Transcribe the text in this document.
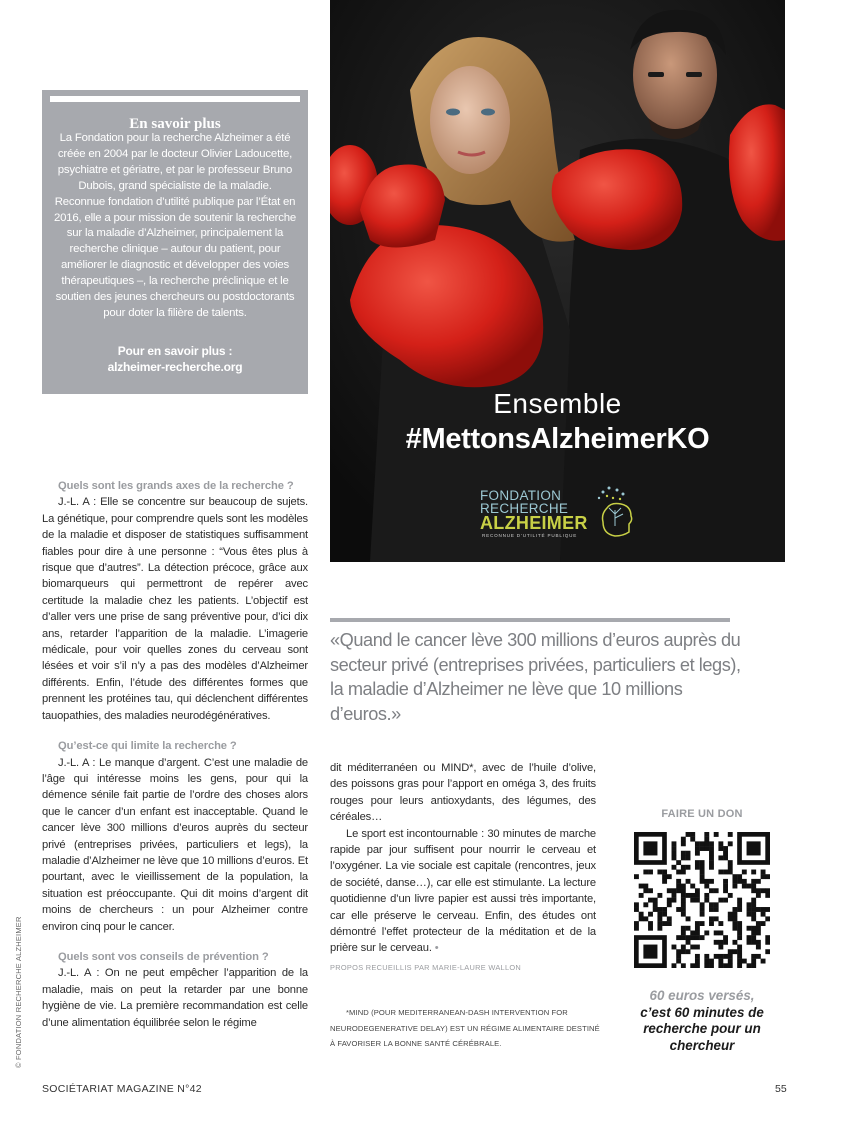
En savoir plus

La Fondation pour la recherche Alzheimer a été créée en 2004 par le docteur Olivier Ladoucette, psychiatre et gériatre, et par le professeur Bruno Dubois, grand spécialiste de la maladie. Reconnue fondation d’utilité publique par l’État en 2016, elle a pour mission de soutenir la recherche sur la maladie d’Alzheimer, principalement la recherche clinique – autour du patient, pour améliorer le diagnostic et développer des voies thérapeutiques –, la recherche préclinique et le soutien des jeunes chercheurs ou postdoctorants pour doter la filière de talents.

Pour en savoir plus :
alzheimer-recherche.org
Ensemble
#MettonsAlzheimerKO
FONDATION
RECHERCHE
ALZHEIMER
RECONNUE D’UTILITÉ PUBLIQUE

Quels sont les grands axes de la recherche ?

J.-L. A : Elle se concentre sur beaucoup de sujets. La génétique, pour comprendre quels sont les modèles de la maladie et disposer de statistiques suffisamment fiables pour dire à une personne : “Vous êtes plus à risque que d’autres”. La détection précoce, grâce aux biomarqueurs qui permettront de repérer avec certitude la maladie chez les patients. L’objectif est d’aller vers une prise de sang préventive pour, d’ici dix ans, retarder l’apparition de la maladie. L’imagerie médicale, pour voir quelles zones du cerveau sont lésées et voir s’il n’y a pas des modèles d’Alzheimer différents. Enfin, l’étude des différentes formes que prennent les protéines tau, qui déclenchent différentes tauopathies, des maladies neurodégénératives.

Qu’est-ce qui limite la recherche ?

J.-L. A : Le manque d’argent. C’est une maladie de l’âge qui intéresse moins les gens, pour qui la démence sénile fait partie de l’ordre des choses alors que le cancer d’un enfant est inacceptable. Quand le cancer lève 300 millions d’euros auprès du secteur privé (entreprises privées, particuliers et legs), la maladie d’Alzheimer ne lève que 10 millions d’euros. Et pourtant, avec le vieillissement de la population, la situation est préoccupante. Qui dit moins d’argent dit moins de chercheurs : un pour Alzheimer contre environ cinq pour le cancer.

Quels sont vos conseils de prévention ?

J.-L. A : On ne peut empêcher l’apparition de la maladie, mais on peut la retarder par une bonne hygiène de vie. La première recommandation est celle d’une alimentation équilibrée selon le régime

«Quand le cancer lève 300 millions d’euros auprès du secteur privé (entreprises privées, particuliers et legs), la maladie d’Alzheimer ne lève que 10 millions d’euros.»

dit méditerranéen ou MIND*, avec de l’huile d’olive, des poissons gras pour l’apport en oméga 3, des fruits rouges pour leurs antioxydants, des légumes, des céréales…

Le sport est incontournable : 30 minutes de marche rapide par jour suffisent pour nourrir le cerveau et l’oxygéner. La vie sociale est capitale (rencontres, jeux de société, danse…), car elle est stimulante. La lecture quotidienne d’un livre papier est aussi très importante, car elle préserve le cerveau. Enfin, des études ont démontré l’effet protecteur de la méditation et de la prière sur le cerveau. •

PROPOS RECUEILLIS PAR MARIE-LAURE WALLON

*MIND (POUR MEDITERRANEAN-DASH INTERVENTION FOR NEURODEGENERATIVE DELAY) EST UN RÉGIME ALIMENTAIRE DESTINÉ À FAVORISER LA BONNE SANTÉ CÉRÉBRALE.

FAIRE UN DON
60 euros versés,
c’est 60 minutes de recherche pour un chercheur
© FONDATION RECHERCHE ALZHEIMER
SOCIÉTARIAT MAGAZINE N°42	55
